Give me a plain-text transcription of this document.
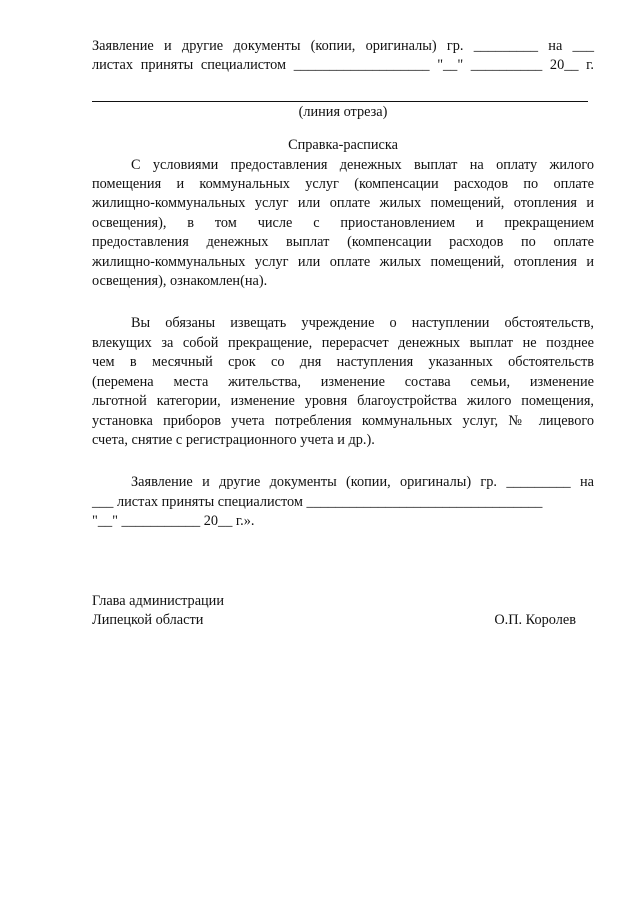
Заявление и другие документы (копии, оригиналы) гр. _________ на ___
листах приняты специалистом ___________________ "__" __________ 20__ г.
(линия отреза)
Справка-расписка
С условиями предоставления денежных выплат на оплату жилого
помещения и коммунальных услуг (компенсации расходов по оплате
жилищно-коммунальных услуг или оплате жилых помещений, отопления и
освещения), в том числе с приостановлением и прекращением
предоставления денежных выплат (компенсации расходов по оплате
жилищно-коммунальных услуг или оплате жилых помещений, отопления и
освещения), ознакомлен(на).
Вы обязаны извещать учреждение о наступлении обстоятельств,
влекущих за собой прекращение, перерасчет денежных выплат не позднее
чем в месячный срок со дня наступления указанных обстоятельств
(перемена места жительства, изменение состава семьи, изменение
льготной категории, изменение уровня благоустройства жилого помещения,
установка приборов учета потребления коммунальных услуг, № лицевого
счета, снятие с регистрационного учета и др.).
Заявление и другие документы (копии, оригиналы) гр. _________ на
___ листах приняты специалистом _________________________________
"__" ___________ 20__ г.».
Глава администрации
Липецкой области	О.П. Королев
